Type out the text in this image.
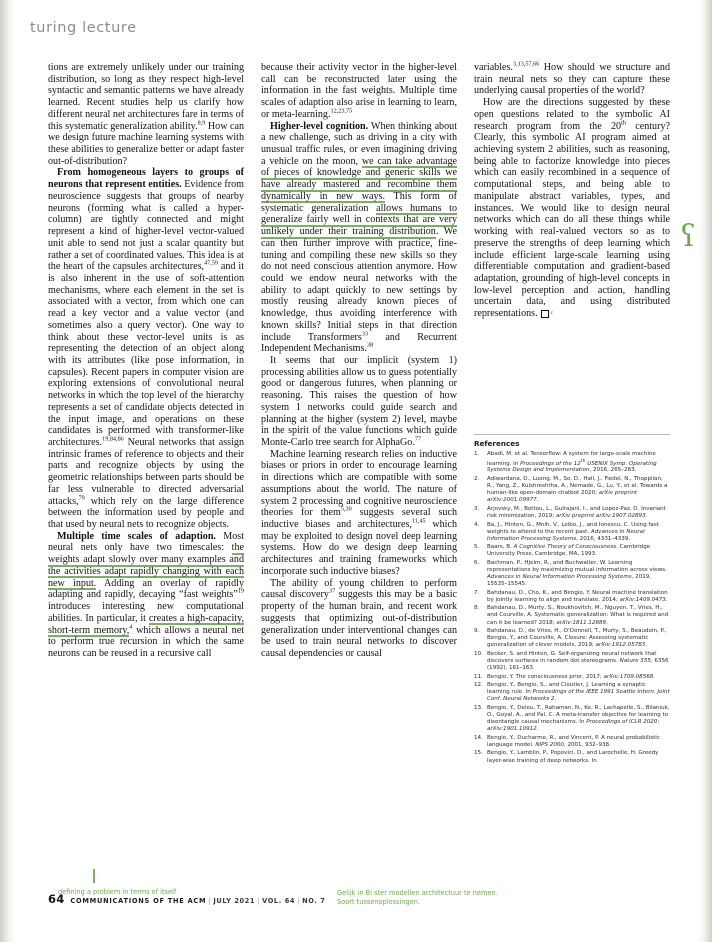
turing lecture
ʕ

tions are extremely unlikely under our training distribution, so long as they respect high-level syntactic and semantic patterns we have already learned. Recent studies help us clarify how different neural net architectures fare in terms of this systematic generalization ability.$^{8,9}$ How can we design future machine learning systems with these abilities to generalize better or adapt faster out-of-distribution?

From homogeneous layers to groups of neurons that represent entities. Evidence from neuroscience suggests that groups of nearby neurons (forming what is called a hyper-column) are tightly connected and might represent a kind of higher-level vector-valued unit able to send not just a scalar quantity but rather a set of coordinated values. This idea is at the heart of the capsules architectures,$^{47,59}$ and it is also inherent in the use of soft-attention mechanisms, where each element in the set is associated with a vector, from which one can read a key vector and a value vector (and sometimes also a query vector). One way to think about these vector-level units is as representing the detection of an object along with its attributes (like pose information, in capsules). Recent papers in computer vision are exploring extensions of convolutional neural networks in which the top level of the hierarchy represents a set of candidate objects detected in the input image, and operations on these candidates is performed with transformer-like architectures.$^{19,84,86}$ Neural networks that assign intrinsic frames of reference to objects and their parts and recognize objects by using the geometric relationships between parts should be far less vulnerable to directed adversarial attacks,$^{79}$ which rely on the large difference between the information used by people and that used by neural nets to recognize objects.

Multiple time scales of adaption. Most neural nets only have two timescales: the weights adapt slowly over many examples and the activities adapt rapidly changing with each new input. Adding an overlay of rapidly adapting and rapidly, decaying “fast weights”$^{19}$ introduces interesting new computational abilities. In particular, it creates a high-capacity, short-term memory,$^4$ which allows a neural net to perform true recursion in which the same neurons can be reused in a recursive call

because their activity vector in the higher-level call can be reconstructed later using the information in the fast weights. Multiple time scales of adaption also arise in learning to learn, or meta-learning.$^{12,23,75}$

Higher-level cognition. When thinking about a new challenge, such as driving in a city with unusual traffic rules, or even imagining driving a vehicle on the moon, we can take advantage of pieces of knowledge and generic skills we have already mastered and recombine them dynamically in new ways. This form of systematic generalization allows humans to generalize fairly well in contexts that are very unlikely under their training distribution. We can then further improve with practice, fine-tuning and compiling these new skills so they do not need conscious attention anymore. How could we endow neural networks with the ability to adapt quickly to new settings by mostly reusing already known pieces of knowledge, thus avoiding interference with known skills? Initial steps in that direction include Transformers$^{33}$ and Recurrent Independent Mechanisms.$^{38}$

It seems that our implicit (system 1) processing abilities allow us to guess potentially good or dangerous futures, when planning or reasoning. This raises the question of how system 1 networks could guide search and planning at the higher (system 2) level, maybe in the spirit of the value functions which guide Monte-Carlo tree search for AlphaGo.$^{77}$

Machine learning research relies on inductive biases or priors in order to encourage learning in directions which are compatible with some assumptions about the world. The nature of system 2 processing and cognitive neuroscience theories for them$^{5,30}$ suggests several such inductive biases and architectures,$^{11,45}$ which may be exploited to design novel deep learning systems. How do we design deep learning architectures and training frameworks which incorporate such inductive biases?

The ability of young children to perform causal discovery$^{37}$ suggests this may be a basic property of the human brain, and recent work suggests that optimizing out-of-distribution generalization under interventional changes can be used to train neural networks to discover causal dependencies or causal

variables.$^{3,13,57,66}$ How should we structure and train neural nets so they can capture these underlying causal properties of the world?

How are the directions suggested by these open questions related to the symbolic AI research program from the 20th century? Clearly, this symbolic AI program aimed at achieving system 2 abilities, such as reasoning, being able to factorize knowledge into pieces which can easily recombined in a sequence of computational steps, and being able to manipulate abstract variables, types, and instances. We would like to design neural networks which can do all these things while working with real-valued vectors so as to preserve the strengths of deep learning which include efficient large-scale learning using differentiable computation and gradient-based adaptation, grounding of high-level concepts in low-level perception and action, handling uncertain data, and using distributed representations.	c

References
1.	Abadi, M. et al. Tensorflow: A system for large-scale machine learning. In Proceedings of the 12th USENIX Symp. Operating Systems Design and Implementation, 2016, 265–283.
2.	Adiwardana, D., Luong, M., So, D., Hall, J., Fiedel, N., Thoppilan, R., Yang, Z., Kulshreshtha, A., Nemade, G., Lu, Y., et al. Towards a human-like open-domain chatbot 2020; arXiv preprint arXiv:2001.09977.
3.	Arjovsky, M., Bottou, L., Gulrajani, I., and Lopez-Paz, D. Invariant risk minimization, 2019; arXiv preprint arXiv:1907.02893.
4.	Ba, J., Hinton, G., Mnih, V., Leibo, J., and Ionescu, C. Using fast weights to attend to the recent past. Advances in Neural Information Processing Systems, 2016, 4331–4339.
5.	Baars, B. A Cognitive Theory of Consciousness. Cambridge University Press, Cambridge, MA, 1993.
6.	Bachman, P., Hjelm, R., and Buchwalter, W. Learning representations by maximizing mutual information across views. Advances in Neural Information Processing Systems, 2019, 15535–15545.
7.	Bahdanau, D., Cho, K., and Bengio, Y. Neural machine translation by jointly learning to align and translate, 2014; arXiv:1409.0473.
8.	Bahdanau, D., Murty, S., Noukhovitch, M., Nguyen, T., Vries, H., and Courville, A. Systematic generalization: What is required and can it be learned? 2018; arXiv:1811.12889.
9.	Bahdanau, D., de Vries, H., O’Donnell, T., Murty, S., Beaudoin, P., Bengio, Y., and Courville, A. Closure: Assessing systematic generalization of clever models, 2019; arXiv:1912.05783.
10. Becker, S. and Hinton, G. Self-organizing neural network that discovers surfaces in random dot stereograms. Nature 355, 6356 (1992), 161–163.
11. Bengio, Y. The consciousness prior, 2017; arXiv:1709.08568.
12. Bengio, Y., Bengio, S., and Cloutier, J. Learning a synaptic learning rule. In Proceedings of the IEEE 1991 Seattle Intern. Joint Conf. Neural Networks 2.
13. Bengio, Y., Deleu, T., Rahaman, N., Ke, R., Lachapelle, S., Bilaniuk, O., Goyal, A., and Pal, C. A meta-transfer objective for learning to disentangle causal mechanisms. In Proceedings of ICLR 2020; arXiv:1901.10912.
14. Bengio, Y., Ducharme, R., and Vincent, P. A neural probabilistic language model. NIPS 2000, 2001, 932–938.
15. Bengio, Y., Lamblin, P., Popovici, D., and Larochelle, H. Greedy layer-wise training of deep networks. In
defining a problem in terms of itself	Gelijk in Bi ster modellen architectuur te nemen.
Soort tussenoplossingen.
64 COMMUNICATIONS OF THE ACM | JULY 2021 | VOL. 64 | NO. 7
